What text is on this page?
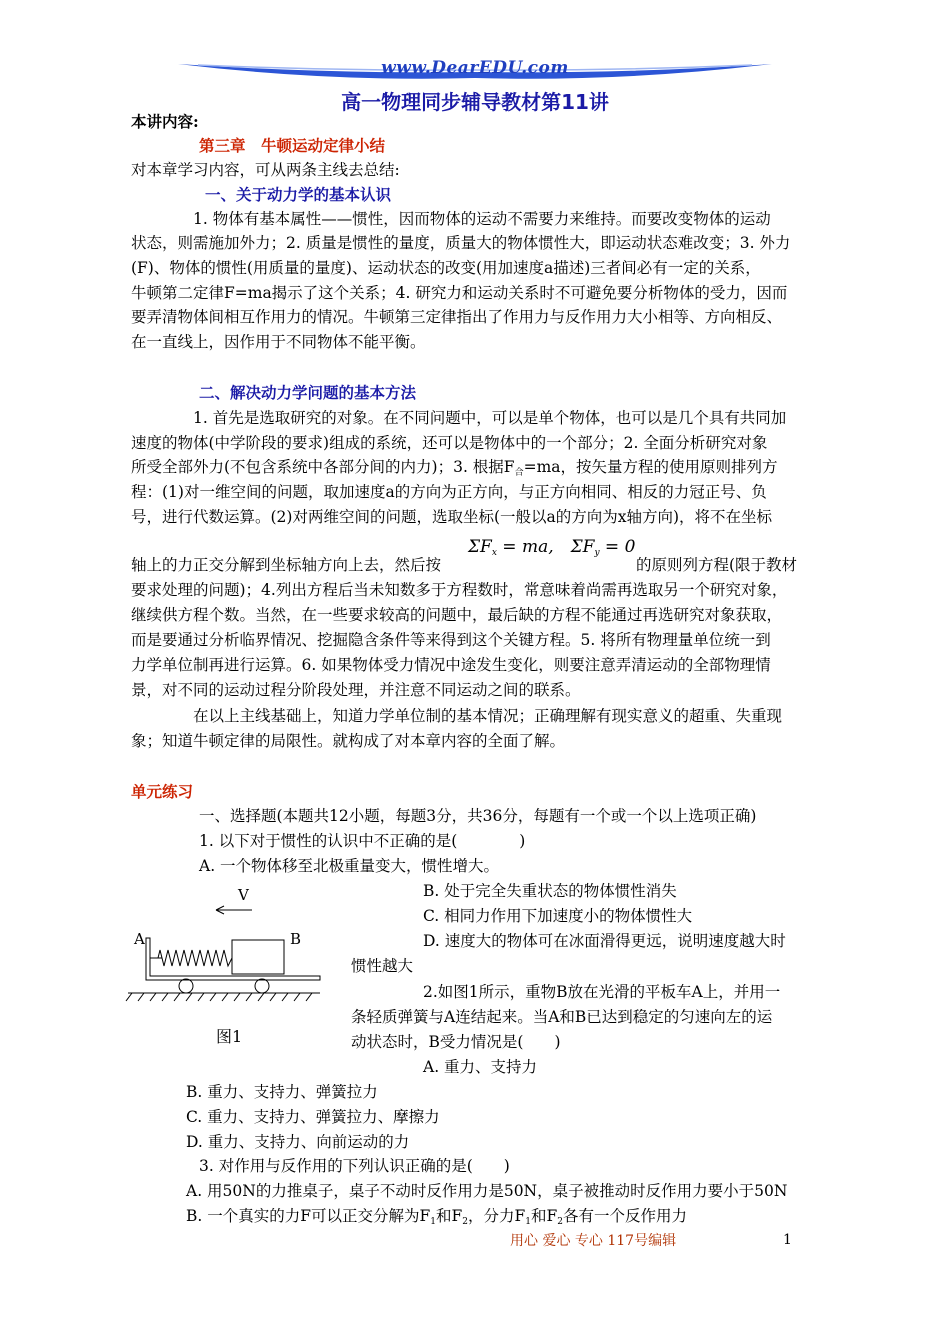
www.DearEDU.com
高一物理同步辅导教材第11讲
本讲内容:
第三章　牛顿运动定律小结
对本章学习内容，可从两条主线去总结:
一、关于动力学的基本认识
1. 物体有基本属性——惯性，因而物体的运动不需要力来维持。而要改变物体的运动
状态，则需施加外力；2. 质量是惯性的量度，质量大的物体惯性大，即运动状态难改变；3. 外力
(F)、物体的惯性(用质量的量度)、运动状态的改变(用加速度a描述)三者间必有一定的关系，
牛顿第二定律F=ma揭示了这个关系；4. 研究力和运动关系时不可避免要分析物体的受力，因而
要弄清物体间相互作用力的情况。牛顿第三定律指出了作用力与反作用力大小相等、方向相反、
在一直线上，因作用于不同物体不能平衡。
二、解决动力学问题的基本方法
1. 首先是选取研究的对象。在不同问题中，可以是单个物体，也可以是几个具有共同加
速度的物体(中学阶段的要求)组成的系统，还可以是物体中的一个部分；2. 全面分析研究对象
所受全部外力(不包含系统中各部分间的内力)；3. 根据$F_合=ma$，按矢量方程的使用原则排列方
程：(1)对一维空间的问题，取加速度a的方向为正方向，与正方向相同、相反的力冠正号、负
号，进行代数运算。(2)对两维空间的问题，选取坐标(一般以a的方向为x轴方向)，将不在坐标
$\Sigma F_x$ = ma,　$\Sigma F_y = 0$
轴上的力正交分解到坐标轴方向上去，然后按	的原则列方程(限于教材
要求处理的问题)；4.列出方程后当未知数多于方程数时，常意味着尚需再选取另一个研究对象，
继续供方程个数。当然，在一些要求较高的问题中，最后缺的方程不能通过再选研究对象获取，
而是要通过分析临界情况、挖掘隐含条件等来得到这个关键方程。5. 将所有物理量单位统一到
力学单位制再进行运算。6. 如果物体受力情况中途发生变化，则要注意弄清运动的全部物理情
景，对不同的运动过程分阶段处理，并注意不同运动之间的联系。
在以上主线基础上，知道力学单位制的基本情况；正确理解有现实意义的超重、失重现
象；知道牛顿定律的局限性。就构成了对本章内容的全面了解。
单元练习
一、选择题(本题共12小题，每题3分，共36分，每题有一个或一个以上选项正确)
1. 以下对于惯性的认识中不正确的是(　　　　)
A. 一个物体移至北极重量变大，惯性增大。
B. 处于完全失重状态的物体惯性消失
C. 相同力作用下加速度小的物体惯性大
D. 速度大的物体可在冰面滑得更远，说明速度越大时
惯性越大
2.如图1所示，重物B放在光滑的平板车A上，并用一
条轻质弹簧与A连结起来。当A和B已达到稳定的匀速向左的运
动状态时，B受力情况是(　　)
A. 重力、支持力
B. 重力、支持力、弹簧拉力
C. 重力、支持力、弹簧拉力、摩擦力
D. 重力、支持力、向前运动的力
3. 对作用与反作用的下列认识正确的是(　　)
A. 用50N的力推桌子，桌子不动时反作用力是50N，桌子被推动时反作用力要小于50N
B. 一个真实的力F可以正交分解为$F_1$和$F_2$，分力$F_1$和$F_2$各有一个反作用力
V
A	B
图1
用心 爱心 专心 117号编辑	1
